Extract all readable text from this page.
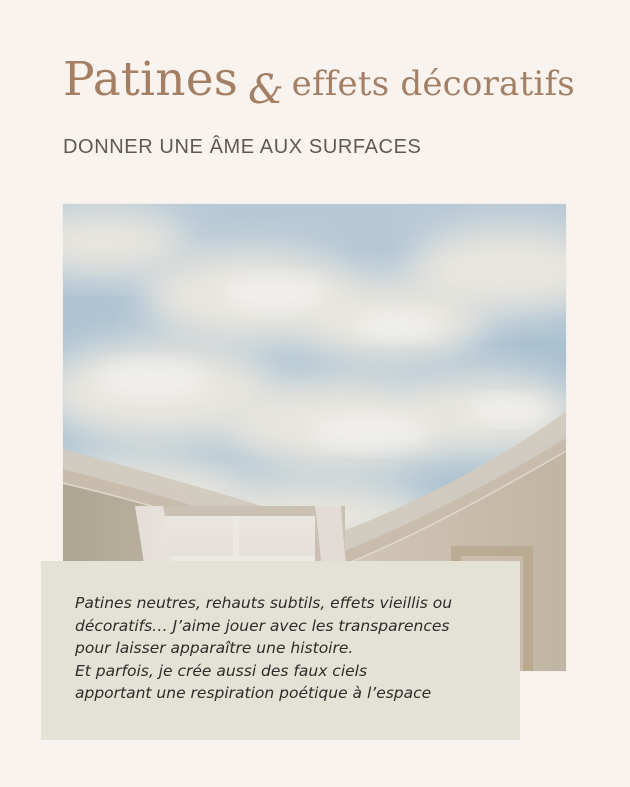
Patines & effets décoratifs
DONNER UNE ÂME AUX SURFACES
Patines neutres, rehauts subtils, effets vieillis ou
décoratifs… J’aime jouer avec les transparences
pour laisser apparaître une histoire.
Et parfois, je crée aussi des faux ciels
apportant une respiration poétique à l’espace
